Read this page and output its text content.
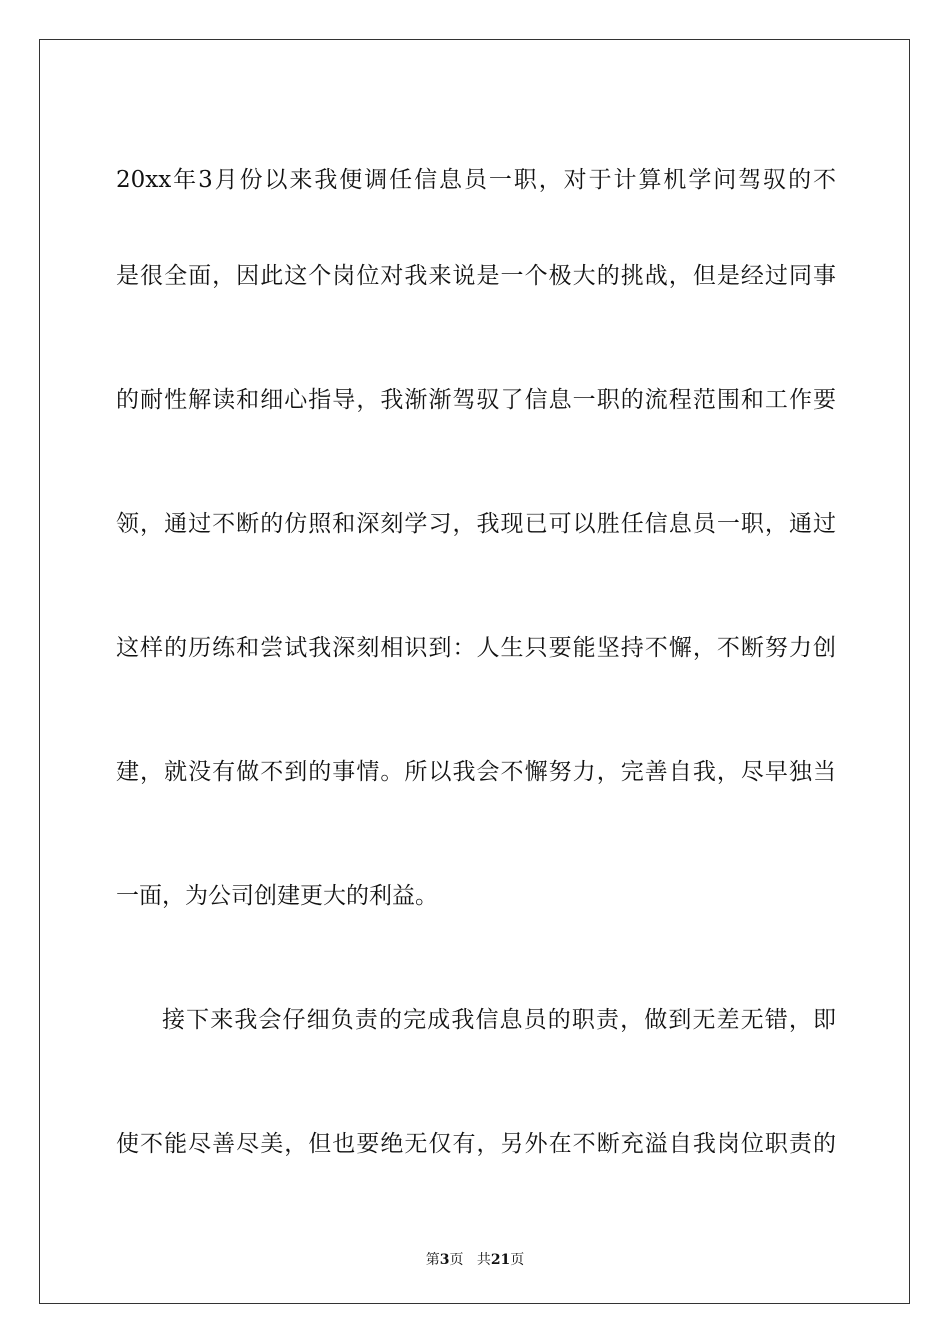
20xx年3月份以来我便调任信息员一职，对于计算机学问驾驭的不
是很全面，因此这个岗位对我来说是一个极大的挑战，但是经过同事
的耐性解读和细心指导，我渐渐驾驭了信息一职的流程范围和工作要
领，通过不断的仿照和深刻学习，我现已可以胜任信息员一职，通过
这样的历练和尝试我深刻相识到：人生只要能坚持不懈，不断努力创
建，就没有做不到的事情。所以我会不懈努力，完善自我，尽早独当
一面，为公司创建更大的利益。
接下来我会仔细负责的完成我信息员的职责，做到无差无错，即
使不能尽善尽美，但也要绝无仅有，另外在不断充溢自我岗位职责的
第3页 共21页
